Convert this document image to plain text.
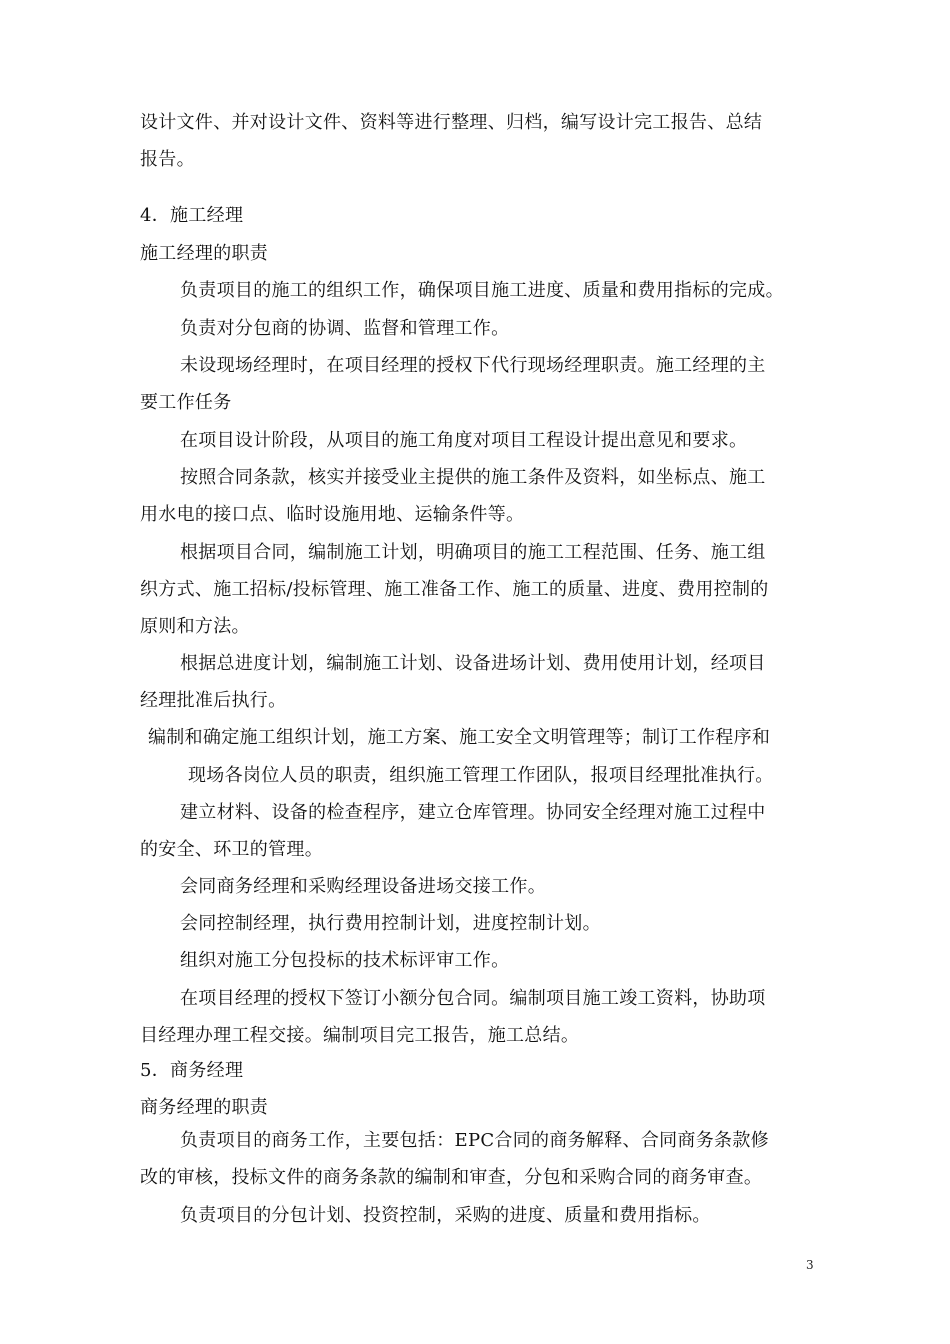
设计文件、并对设计文件、资料等进行整理、归档，编写设计完工报告、总结
报告。
4．施工经理
施工经理的职责
负责项目的施工的组织工作，确保项目施工进度、质量和费用指标的完成。
负责对分包商的协调、监督和管理工作。
未设现场经理时，在项目经理的授权下代行现场经理职责。施工经理的主
要工作任务
在项目设计阶段，从项目的施工角度对项目工程设计提出意见和要求。
按照合同条款，核实并接受业主提供的施工条件及资料，如坐标点、施工
用水电的接口点、临时设施用地、运输条件等。
根据项目合同，编制施工计划，明确项目的施工工程范围、任务、施工组
织方式、施工招标/投标管理、施工准备工作、施工的质量、进度、费用控制的
原则和方法。
根据总进度计划，编制施工计划、设备进场计划、费用使用计划，经项目
经理批准后执行。
编制和确定施工组织计划，施工方案、施工安全文明管理等；制订工作程序和
现场各岗位人员的职责，组织施工管理工作团队，报项目经理批准执行。
建立材料、设备的检查程序，建立仓库管理。协同安全经理对施工过程中
的安全、环卫的管理。
会同商务经理和采购经理设备进场交接工作。
会同控制经理，执行费用控制计划，进度控制计划。
组织对施工分包投标的技术标评审工作。
在项目经理的授权下签订小额分包合同。编制项目施工竣工资料，协助项
目经理办理工程交接。编制项目完工报告，施工总结。
5．商务经理
商务经理的职责
负责项目的商务工作，主要包括：EPC合同的商务解释、合同商务条款修
改的审核，投标文件的商务条款的编制和审查，分包和采购合同的商务审查。
负责项目的分包计划、投资控制，采购的进度、质量和费用指标。
3
